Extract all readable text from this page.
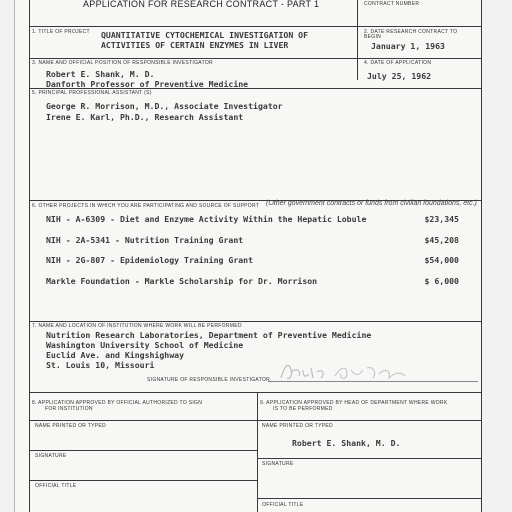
APPLICATION FOR RESEARCH CONTRACT - PART 1	CONTRACT NUMBER
1. TITLE OF PROJECT QUANTITATIVE CYTOCHEMICAL INVESTIGATION OF
ACTIVITIES OF CERTAIN ENZYMES IN LIVER
2. DATE RESEARCH CONTRACT TO
BEGIN
January 1, 1963
3. NAME AND OFFICIAL POSITION OF RESPONSIBLE INVESTIGATOR
Robert E. Shank, M. D.
Danforth Professor of Preventive Medicine
4. DATE OF APPLICATION
July 25, 1962
5. PRINCIPAL PROFESSIONAL ASSISTANT (S)
George R. Morrison, M.D., Associate Investigator
Irene E. Karl, Ph.D., Research Assistant
6. OTHER PROJECTS IN WHICH YOU ARE PARTICIPATING AND SOURCE OF SUPPORT (Other government contracts or funds from civilian foundations, etc.)
NIH - A-6309 - Diet and Enzyme Activity Within the Hepatic Lobule	$23,345
NIH - 2A-5341 - Nutrition Training Grant	$45,208
NIH - 2G-807 - Epidemiology Training Grant	$54,000
Markle Foundation - Markle Scholarship for Dr. Morrison	$ 6,000
7. NAME AND LOCATION OF INSTITUTION WHERE WORK WILL BE PERFORMED
Nutrition Research Laboratories, Department of Preventive Medicine
Washington University School of Medicine
Euclid Ave. and Kingshighway
St. Louis 10, Missouri
SIGNATURE OF RESPONSIBLE INVESTIGATOR
8. APPLICATION APPROVED BY OFFICIAL AUTHORIZED TO SIGN
FOR INSTITUTION
NAME PRINTED OR TYPED
SIGNATURE
OFFICIAL TITLE
9. APPLICATION APPROVED BY HEAD OF DEPARTMENT WHERE WORK
IS TO BE PERFORMED
NAME PRINTED OR TYPED
Robert E. Shank, M. D.
SIGNATURE
OFFICIAL TITLE
